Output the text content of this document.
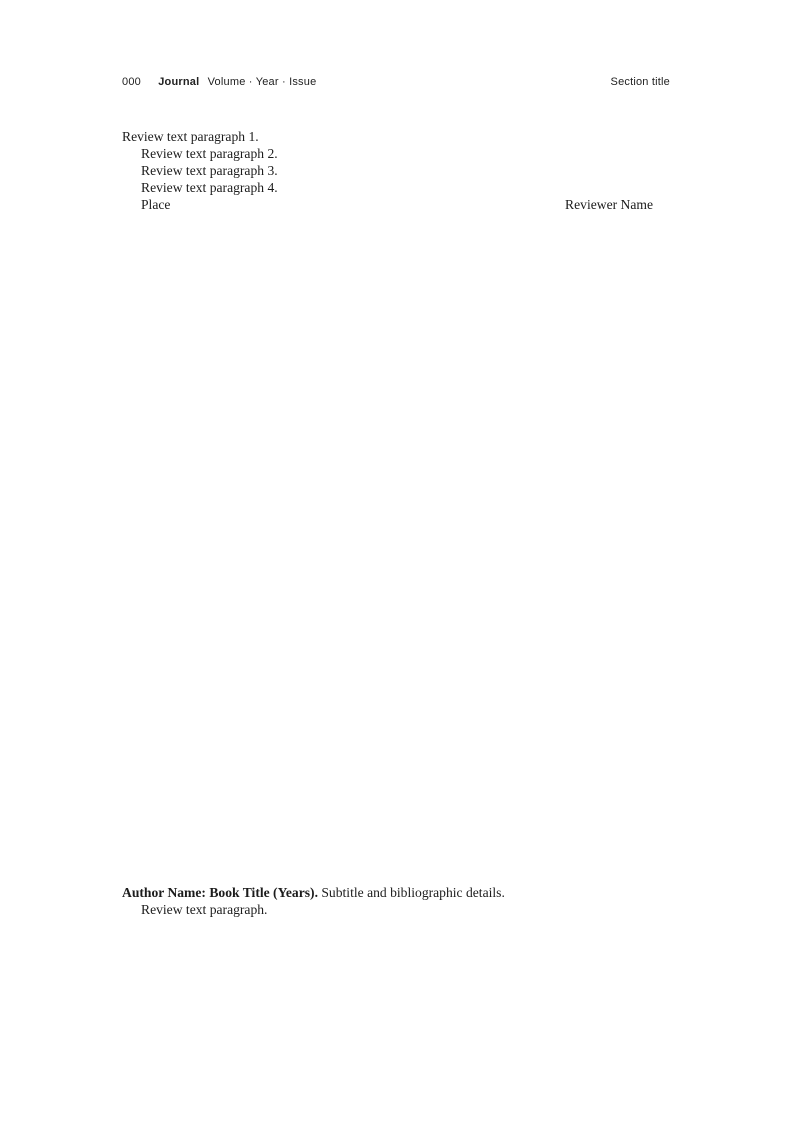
000 Journal Volume · Year · Issue	Section title

Review text paragraph 1.

Review text paragraph 2.

Review text paragraph 3.

Review text paragraph 4.

Place	Reviewer Name

Author Name: Book Title (Years). Subtitle and bibliographic details.

Review text paragraph.
